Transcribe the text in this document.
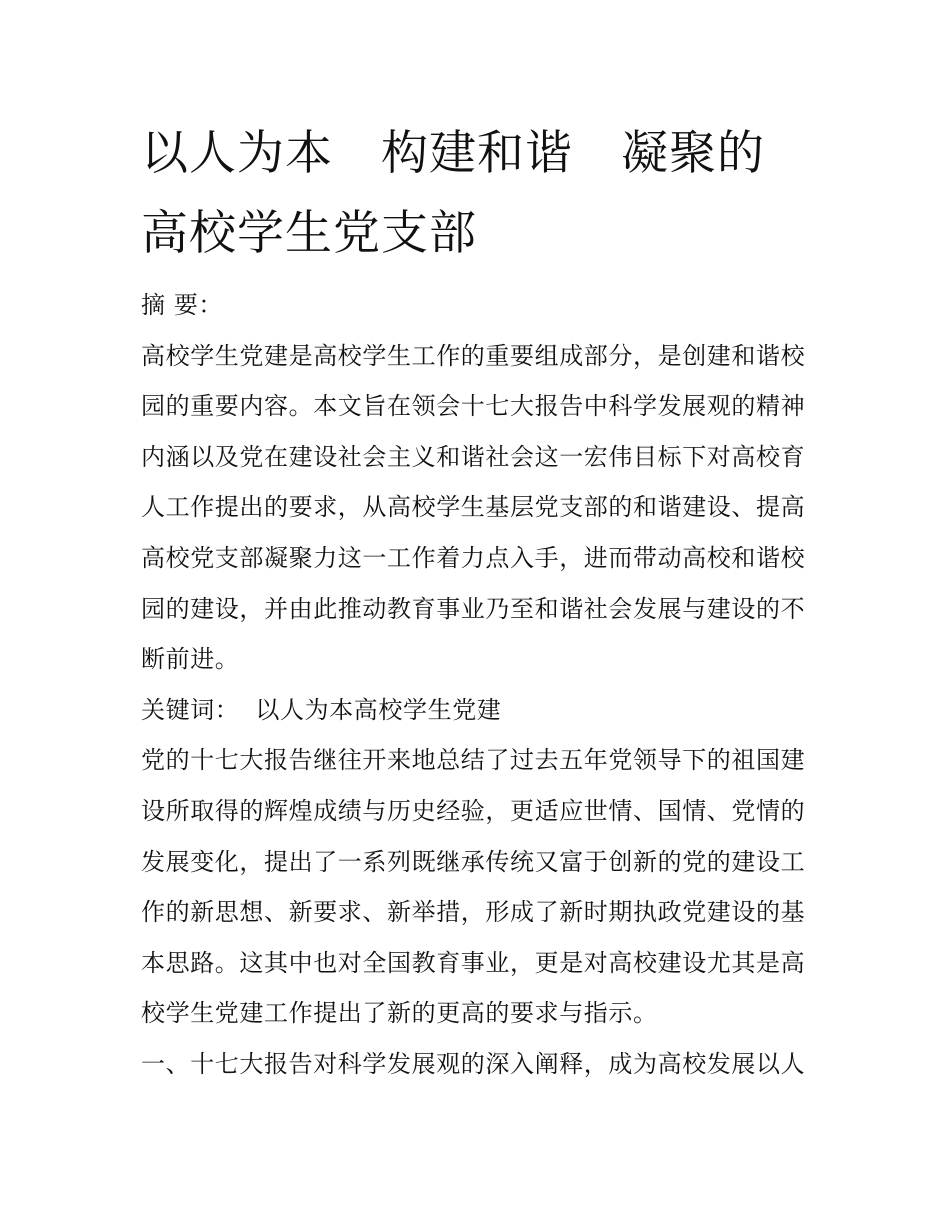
以人为本　构建和谐　凝聚的
高校学生党支部
摘 要：
高校学生党建是高校学生工作的重要组成部分，是创建和谐校
园的重要内容。本文旨在领会十七大报告中科学发展观的精神
内涵以及党在建设社会主义和谐社会这一宏伟目标下对高校育
人工作提出的要求，从高校学生基层党支部的和谐建设、提高
高校党支部凝聚力这一工作着力点入手，进而带动高校和谐校
园的建设，并由此推动教育事业乃至和谐社会发展与建设的不
断前进。
关键词： 以人为本高校学生党建
党的十七大报告继往开来地总结了过去五年党领导下的祖国建
设所取得的辉煌成绩与历史经验，更适应世情、国情、党情的
发展变化，提出了一系列既继承传统又富于创新的党的建设工
作的新思想、新要求、新举措，形成了新时期执政党建设的基
本思路。这其中也对全国教育事业，更是对高校建设尤其是高
校学生党建工作提出了新的更高的要求与指示。
一、十七大报告对科学发展观的深入阐释，成为高校发展以人
